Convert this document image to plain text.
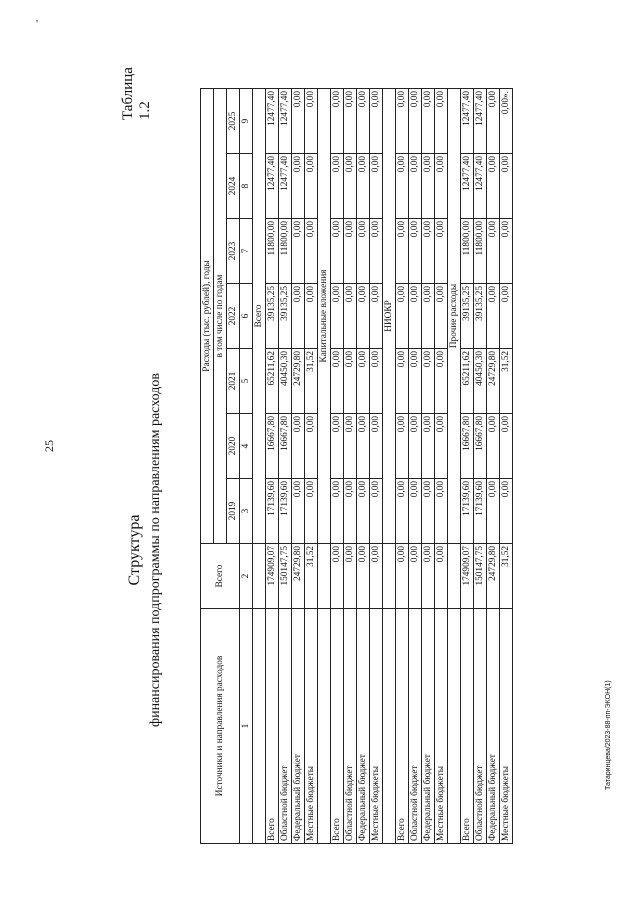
'
25
Татаринцева/2023-88-пп-ЭКОН(1)
Таблица 1.2
Структура финансирования подпрограммы по направлениям расходов	Источники и направления расходов	Всего	Расходы (тыс. рублей), годы						
		в том числе по годам						
		2019	2020	2021	2022	2023	2024	2025
1	2	3	4	5	6	7	8	9
		Всего						
Всего	174909,07	17139,60	16667,80	65211,62	39135,25	11800,00	12477,40	12477,40
Областной бюджет	150147,75	17139,60	16667,80	40450,30	39135,25	11800,00	12477,40	12477,40
Федеральный бюджет	24729,80	0,00	0,00	24729,80	0,00	0,00	0,00	0,00
Местные бюджеты	31,52	0,00	0,00	31,52	0,00	0,00	0,00	0,00
		Капитальные вложения						
Всего	0,00	0,00	0,00	0,00	0,00	0,00	0,00	0,00
Областной бюджет	0,00	0,00	0,00	0,00	0,00	0,00	0,00	0,00
Федеральный бюджет	0,00	0,00	0,00	0,00	0,00	0,00	0,00	0,00
Местные бюджеты	0,00	0,00	0,00	0,00	0,00	0,00	0,00	0,00
		НИОКР						
Всего	0,00	0,00	0,00	0,00	0,00	0,00	0,00	0,00
Областной бюджет	0,00	0,00	0,00	0,00	0,00	0,00	0,00	0,00
Федеральный бюджет	0,00	0,00	0,00	0,00	0,00	0,00	0,00	0,00
Местные бюджеты	0,00	0,00	0,00	0,00	0,00	0,00	0,00	0,00
		Прочие расходы						
Всего	174909,07	17139,60	16667,80	65211,62	39135,25	11800,00	12477,40	12477,40
Областной бюджет	150147,75	17139,60	16667,80	40450,30	39135,25	11800,00	12477,40	12477,40
Федеральный бюджет	24729,80	0,00	0,00	24729,80	0,00	0,00	0,00	0,00
Местные бюджеты	31,52	0,00	0,00	31,52	0,00	0,00	0,00	0,00».
